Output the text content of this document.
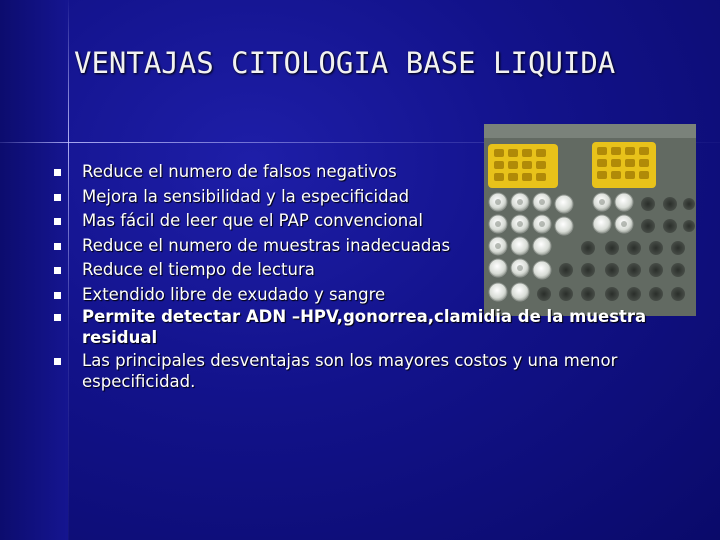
VENTAJAS CITOLOGIA BASE LIQUIDA
Reduce el numero de falsos negativos
Mejora la sensibilidad y la especificidad
Mas fácil de leer que el PAP convencional
Reduce el numero de muestras inadecuadas
Reduce el tiempo de lectura
Extendido libre de exudado y sangre
Permite detectar ADN –HPV,gonorrea,clamidia de la muestra residual
Las principales desventajas son los mayores costos y una menor especificidad.
